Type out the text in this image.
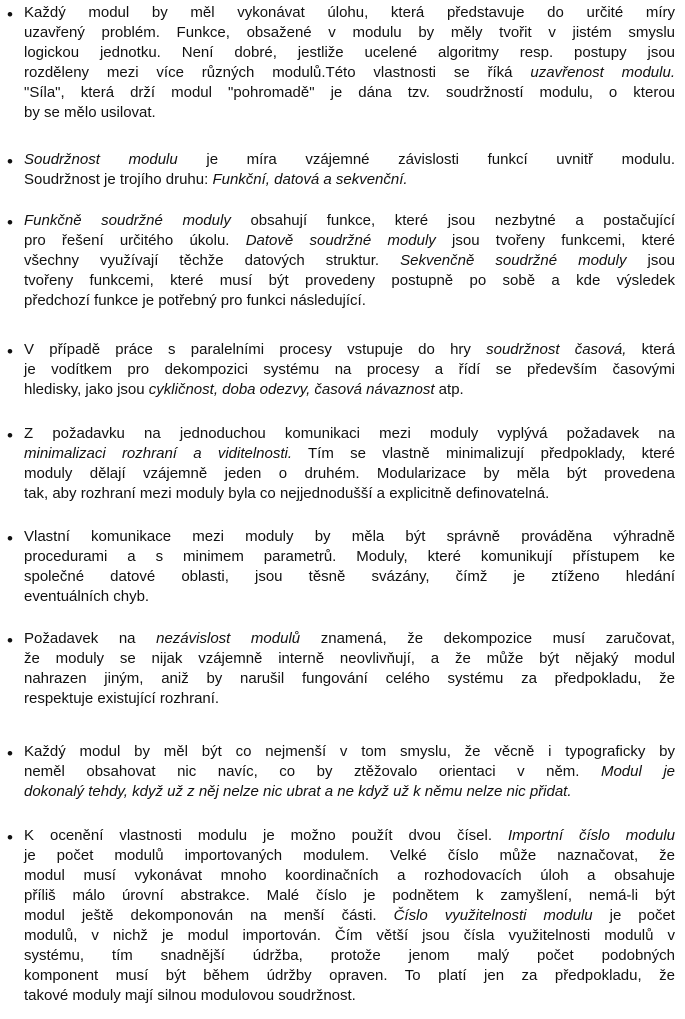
• Každý modul by měl vykonávat úlohu, která představuje do určité míry
uzavřený problém. Funkce, obsažené v modulu by měly tvořit v jistém smyslu
logickou jednotku. Není dobré, jestliže ucelené algoritmy resp. postupy jsou
rozděleny mezi více různých modulů.Této vlastnosti se říká uzavřenost modulu.
"Síla", která drží modul "pohromadě" je dána tzv. soudržností modulu, o kterou
by se mělo usilovat.
• Soudržnost modulu je míra vzájemné závislosti funkcí uvnitř modulu.
Soudržnost je trojího druhu: Funkční, datová a sekvenční.
• Funkčně soudržné moduly obsahují funkce, které jsou nezbytné a postačující
pro řešení určitého úkolu. Datově soudržné moduly jsou tvořeny funkcemi, které
všechny využívají těchže datových struktur. Sekvenčně soudržné moduly jsou
tvořeny funkcemi, které musí být provedeny postupně po sobě a kde výsledek
předchozí funkce je potřebný pro funkci následující.
• V případě práce s paralelními procesy vstupuje do hry soudržnost časová, která
je vodítkem pro dekompozici systému na procesy a řídí se především časovými
hledisky, jako jsou cykličnost, doba odezvy, časová návaznost atp.
• Z požadavku na jednoduchou komunikaci mezi moduly vyplývá požadavek na
minimalizaci rozhraní a viditelnosti. Tím se vlastně minimalizují předpoklady, které
moduly dělají vzájemně jeden o druhém. Modularizace by měla být provedena
tak, aby rozhraní mezi moduly byla co nejjednodušší a explicitně definovatelná.
• Vlastní komunikace mezi moduly by měla být správně prováděna výhradně
procedurami a s minimem parametrů. Moduly, které komunikují přístupem ke
společné datové oblasti, jsou těsně svázány, čímž je ztíženo hledání
eventuálních chyb.
• Požadavek na nezávislost modulů znamená, že dekompozice musí zaručovat,
že moduly se nijak vzájemně interně neovlivňují, a že může být nějaký modul
nahrazen jiným, aniž by narušil fungování celého systému za předpokladu, že
respektuje existující rozhraní.
• Každý modul by měl být co nejmenší v tom smyslu, že věcně i typograficky by
neměl obsahovat nic navíc, co by ztěžovalo orientaci v něm. Modul je
dokonalý tehdy, když už z něj nelze nic ubrat a ne když už k němu nelze nic přidat.
• K ocenění vlastnosti modulu je možno použít dvou čísel. Importní číslo modulu
je počet modulů importovaných modulem. Velké číslo může naznačovat, že
modul musí vykonávat mnoho koordinačních a rozhodovacích úloh a obsahuje
příliš málo úrovní abstrakce. Malé číslo je podnětem k zamyšlení, nemá-li být
modul ještě dekomponován na menší části. Číslo využitelnosti modulu je počet
modulů, v nichž je modul importován. Čím větší jsou čísla využitelnosti modulů v
systému, tím snadnější údržba, protože jenom malý počet podobných
komponent musí být během údržby opraven. To platí jen za předpokladu, že
takové moduly mají silnou modulovou soudržnost.
